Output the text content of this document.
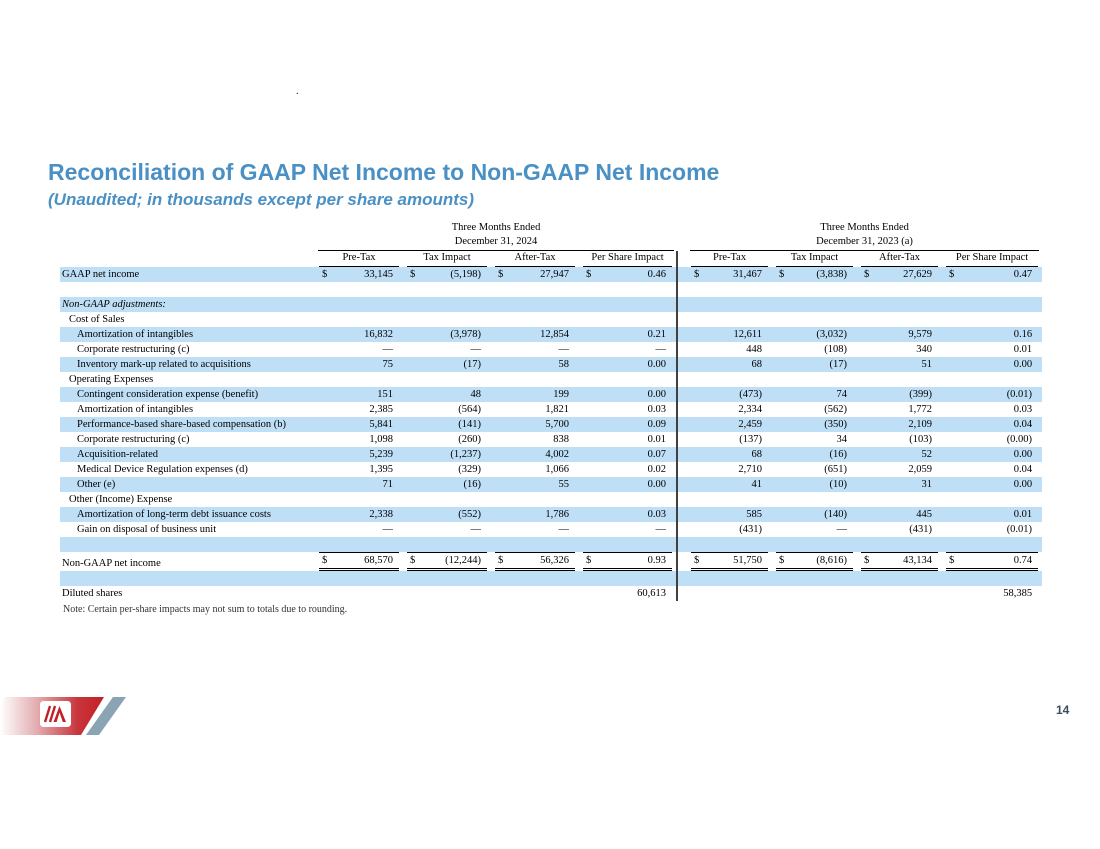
.
Reconciliation of GAAP Net Income to Non-GAAP Net Income
(Unaudited; in thousands except per share amounts)

	Three Months Ended					Three Months Ended			

	December 31, 2024					December 31, 2023 (a)			

	Pre-Tax	Tax Impact	After-Tax	Per Share Impact		Pre-Tax	Tax Impact	After-Tax	Per Share Impact

GAAP net income	$ 33,145	$ (5,198)	$ 27,947	$ 0.46		$ 31,467	$ (3,838)	$ 27,629	$ 0.47

Non-GAAP adjustments:	

Cost of Sales	

Amortization of intangibles	16,832	(3,978)	12,854	0.21		12,611	(3,032)	9,579	0.16

Corporate restructuring (c)	—	—	—	—		448	(108)	340	0.01

Inventory mark-up related to acquisitions	75	(17)	58	0.00		68	(17)	51	0.00

Operating Expenses	

Contingent consideration expense (benefit)	151	48	199	0.00		(473)	74	(399)	(0.01)

Amortization of intangibles	2,385	(564)	1,821	0.03		2,334	(562)	1,772	0.03

Performance-based share-based compensation (b)	5,841	(141)	5,700	0.09		2,459	(350)	2,109	0.04

Corporate restructuring (c)	1,098	(260)	838	0.01		(137)	34	(103)	(0.00)

Acquisition-related	5,239	(1,237)	4,002	0.07		68	(16)	52	0.00

Medical Device Regulation expenses (d)	1,395	(329)	1,066	0.02		2,710	(651)	2,059	0.04

Other (e)	71	(16)	55	0.00		41	(10)	31	0.00

Other (Income) Expense	

Amortization of long-term debt issuance costs	2,338	(552)	1,786	0.03		585	(140)	445	0.01

Gain on disposal of business unit	—	—	—	—		(431)	—	(431)	(0.01)

Non-GAAP net income	$ 68,570	$ (12,244)	$ 56,326	$ 0.93		$ 51,750	$ (8,616)	$ 43,134	$ 0.74

Diluted shares				60,613					58,385
Note: Certain per-share impacts may not sum to totals due to rounding.
14
